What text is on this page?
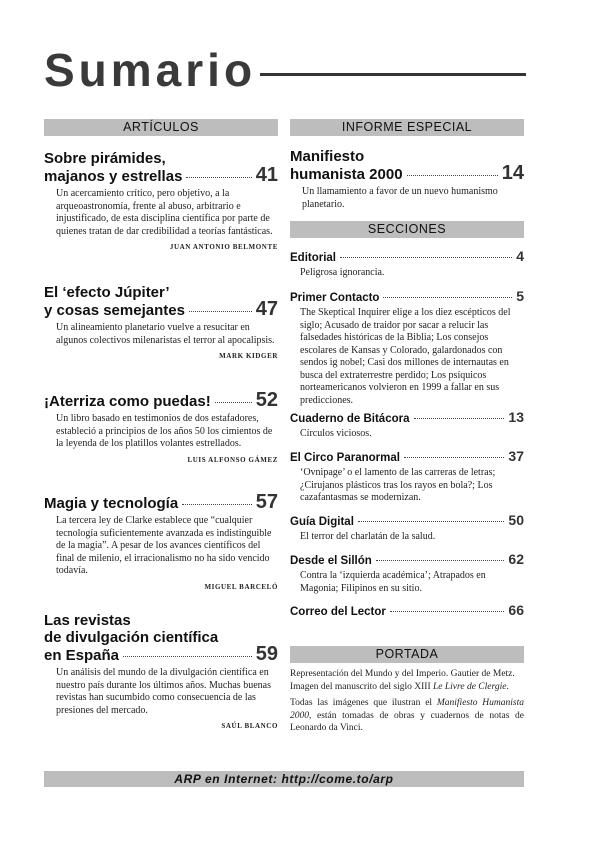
Sumario
ARTÍCULOS	INFORME ESPECIAL
Sobre pirámides,
majanos y estrellas	41
Un acercamiento crítico, pero objetivo, a la arqueoastronomía, frente al abuso, arbitrario e injustificado, de esta disciplina científica por parte de quienes tratan de dar credibilidad a teorías fantásticas.
JUAN ANTONIO BELMONTE
El ‘efecto Júpiter’
y cosas semejantes	47
Un alineamiento planetario vuelve a resucitar en algunos colectivos milenaristas el terror al apocalipsis.
MARK KIDGER
¡Aterriza como puedas! 52
Un libro basado en testimonios de dos estafadores, estableció a principios de los años 50 los cimientos de la leyenda de los platillos volantes estrellados.
LUIS ALFONSO GÁMEZ
Magia y tecnología	57
La tercera ley de Clarke establece que “cualquier tecnología suficientemente avanzada es indistinguible de la magia”. A pesar de los avances científicos del final de milenio, el irracionalismo no ha sido vencido todavía.
MIGUEL BARCELÓ
Las revistas
de divulgación científica
en España	59
Un análisis del mundo de la divulgación científica en nuestro país durante los últimos años. Muchas buenas revistas han sucumbido como consecuencia de las presiones del mercado.
SAÚL BLANCO
Manifiesto
humanista 2000	14
Un llamamiento a favor de un nuevo humanismo planetario.
SECCIONES
Editorial	4
Peligrosa ignorancia.
Primer Contacto	5
The Skeptical Inquirer elige a los diez escépticos del siglo; Acusado de traidor por sacar a relucir las falsedades históricas de la Biblia; Los consejos escolares de Kansas y Colorado, galardonados con sendos ig nobel; Casi dos millones de internautas en busca del extraterrestre perdido; Los psíquicos norteamericanos volvieron en 1999 a fallar en sus predicciones.
Cuaderno de Bitácora	13
Círculos viciosos.
El Circo Paranormal	37
‘Ovnipage’ o el lamento de las carreras de letras; ¿Cirujanos plásticos tras los rayos en bola?; Los cazafantasmas se modernizan.
Guía Digital	50
El terror del charlatán de la salud.
Desde el Sillón	62
Contra la ‘izquierda académica’; Atrapados en Magonia; Filipinos en su sitio.
Correo del Lector	66
PORTADA
Representación del Mundo y del Imperio. Gautier de Metz. Imagen del manuscrito del siglo XIII Le Livre de Clergie.
Todas las imágenes que ilustran el Manifiesto Humanista 2000, están tomadas de obras y cuadernos de notas de Leonardo da Vinci.
ARP en Internet: http://come.to/arp
